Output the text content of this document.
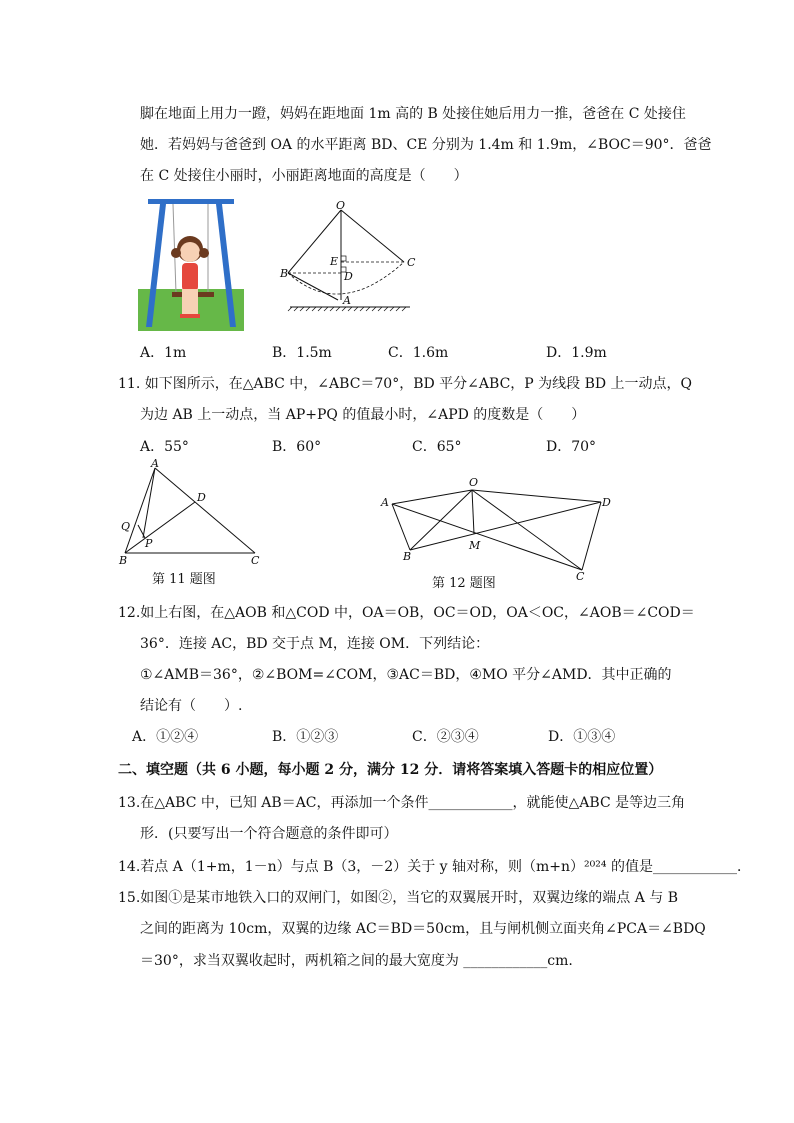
脚在地面上用力一蹬，妈妈在距地面 1m 高的 B 处接住她后用力一推，爸爸在 C 处接住
她．若妈妈与爸爸到 OA 的水平距离 BD、CE 分别为 1.4m 和 1.9m，∠BOC＝90°．爸爸
在 C 处接住小丽时，小丽距离地面的高度是（　　）
O
B
C
E
D
A
A．1m	B．1.5m	C．1.6m	D．1.9m
11. 如下图所示，在△ABC 中，∠ABC＝70°，BD 平分∠ABC，P 为线段 BD 上一动点，Q
为边 AB 上一动点，当 AP+PQ 的值最小时，∠APD 的度数是（　　）
A．55°	B．60°	C．65°	D．70°
A
D
Q
P
B	C
第 11 题图
O
A	D
M
B
C
第 12 题图
12.如上右图，在△AOB 和△COD 中，OA＝OB，OC＝OD，OA＜OC，∠AOB＝∠COD＝
36°．连接 AC，BD 交于点 M，连接 OM．下列结论：
①∠AMB＝36°，②∠BOM=∠COM，③AC＝BD，④MO 平分∠AMD．其中正确的
结论有（　　）.
A．①②④	B．①②③	C．②③④	D．①③④
二、填空题（共 6 小题，每小题 2 分，满分 12 分．请将答案填入答题卡的相应位置）
13.在△ABC 中，已知 AB＝AC，再添加一个条件____________，就能使△ABC 是等边三角
形．(只要写出一个符合题意的条件即可）
14.若点 A（1+m，1－n）与点 B（3，－2）关于 y 轴对称，则（m+n）²⁰²⁴ 的值是____________．
15.如图①是某市地铁入口的双闸门，如图②，当它的双翼展开时，双翼边缘的端点 A 与 B
之间的距离为 10cm，双翼的边缘 AC＝BD＝50cm，且与闸机侧立面夹角∠PCA＝∠BDQ
＝30°，求当双翼收起时，两机箱之间的最大宽度为 ____________cm.
